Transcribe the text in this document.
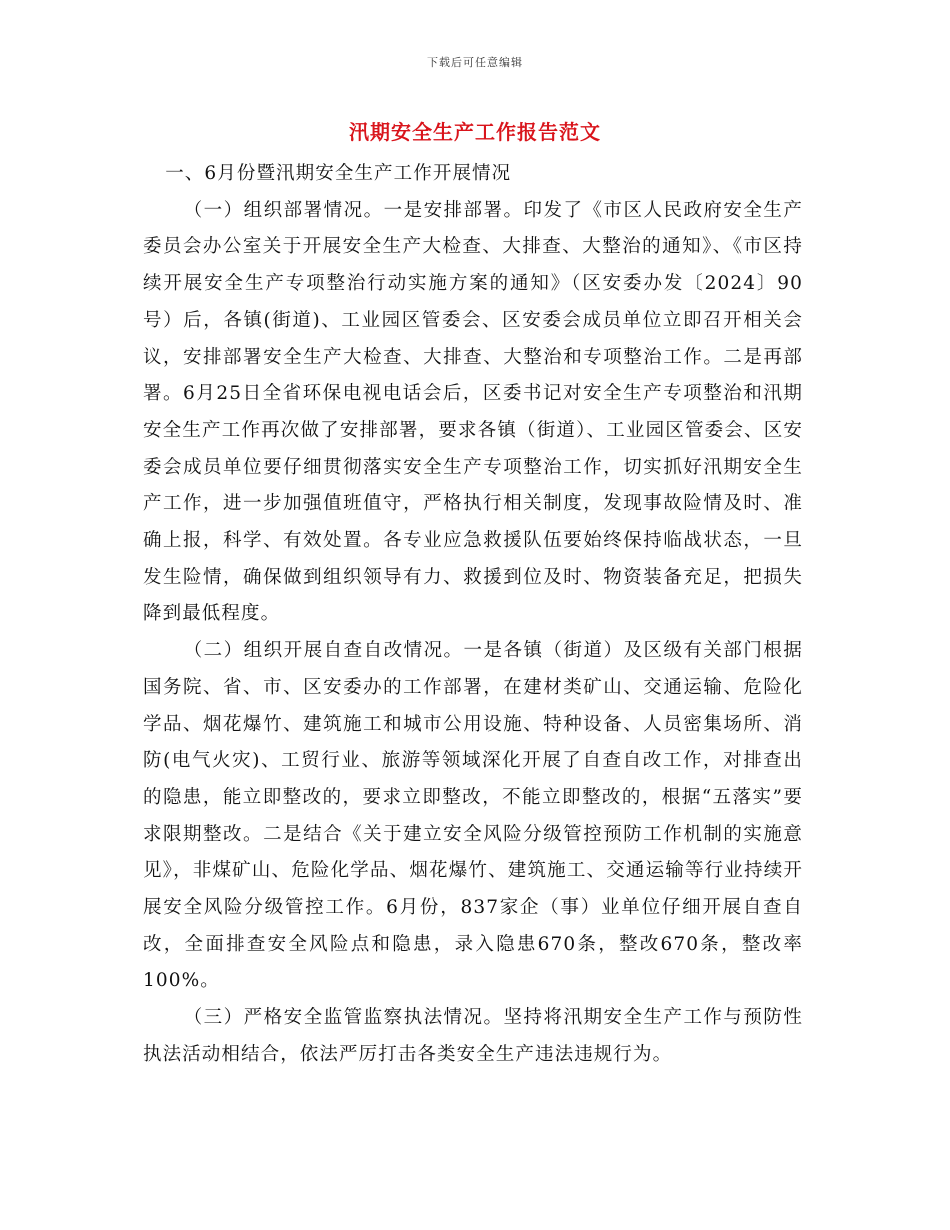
下载后可任意编辑
汛期安全生产工作报告范文

一、6月份暨汛期安全生产工作开展情况

（一）组织部署情况。一是安排部署。印发了《市区人民政府安全生产委员会办公室关于开展安全生产大检查、大排查、大整治的通知》、《市区持续开展安全生产专项整治行动实施方案的通知》（区安委办发〔2024〕90号）后，各镇(街道)、工业园区管委会、区安委会成员单位立即召开相关会议，安排部署安全生产大检查、大排查、大整治和专项整治工作。二是再部署。6月25日全省环保电视电话会后，区委书记对安全生产专项整治和汛期安全生产工作再次做了安排部署，要求各镇（街道）、工业园区管委会、区安委会成员单位要仔细贯彻落实安全生产专项整治工作，切实抓好汛期安全生产工作，进一步加强值班值守，严格执行相关制度，发现事故险情及时、准确上报，科学、有效处置。各专业应急救援队伍要始终保持临战状态，一旦发生险情，确保做到组织领导有力、救援到位及时、物资装备充足，把损失降到最低程度。

（二）组织开展自查自改情况。一是各镇（街道）及区级有关部门根据国务院、省、市、区安委办的工作部署，在建材类矿山、交通运输、危险化学品、烟花爆竹、建筑施工和城市公用设施、特种设备、人员密集场所、消防(电气火灾)、工贸行业、旅游等领域深化开展了自查自改工作，对排查出的隐患，能立即整改的，要求立即整改，不能立即整改的，根据“五落实”要求限期整改。二是结合《关于建立安全风险分级管控预防工作机制的实施意见》，非煤矿山、危险化学品、烟花爆竹、建筑施工、交通运输等行业持续开展安全风险分级管控工作。6月份，837家企（事）业单位仔细开展自查自改，全面排查安全风险点和隐患，录入隐患670条，整改670条，整改率100%。

（三）严格安全监管监察执法情况。坚持将汛期安全生产工作与预防性执法活动相结合，依法严厉打击各类安全生产违法违规行为。
